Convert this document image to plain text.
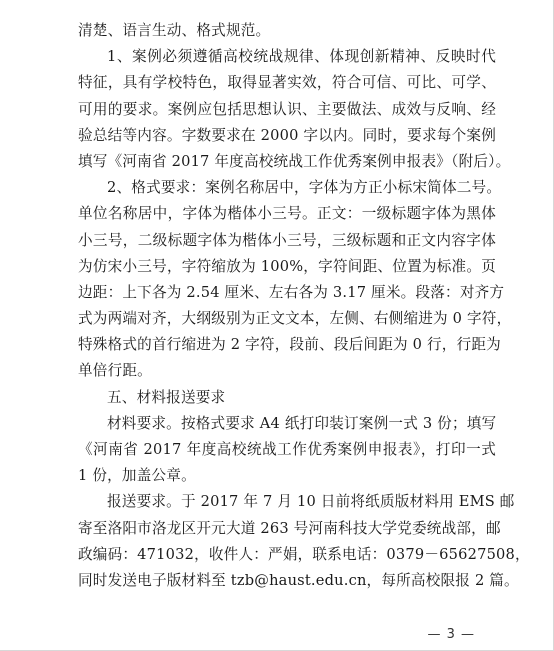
清楚、语言生动、格式规范。
1、案例必须遵循高校统战规律、体现创新精神、反映时代
特征，具有学校特色，取得显著实效，符合可信、可比、可学、
可用的要求。案例应包括思想认识、主要做法、成效与反响、经
验总结等内容。字数要求在 2000 字以内。同时，要求每个案例
填写《河南省 2017 年度高校统战工作优秀案例申报表》（附后）。
2、格式要求：案例名称居中，字体为方正小标宋简体二号。
单位名称居中，字体为楷体小三号。正文：一级标题字体为黑体
小三号，二级标题字体为楷体小三号，三级标题和正文内容字体
为仿宋小三号，字符缩放为 100%，字符间距、位置为标准。页
边距：上下各为 2.54 厘米、左右各为 3.17 厘米。段落：对齐方
式为两端对齐，大纲级别为正文文本，左侧、右侧缩进为 0 字符，
特殊格式的首行缩进为 2 字符，段前、段后间距为 0 行，行距为
单倍行距。
五、材料报送要求
材料要求。按格式要求 A4 纸打印装订案例一式 3 份；填写
《河南省 2017 年度高校统战工作优秀案例申报表》，打印一式
1 份，加盖公章。
报送要求。于 2017 年 7 月 10 日前将纸质版材料用 EMS 邮
寄至洛阳市洛龙区开元大道 263 号河南科技大学党委统战部，邮
政编码：471032，收件人：严娟，联系电话：0379－65627508，
同时发送电子版材料至 tzb@haust.edu.cn，每所高校限报 2 篇。
— 3 —
